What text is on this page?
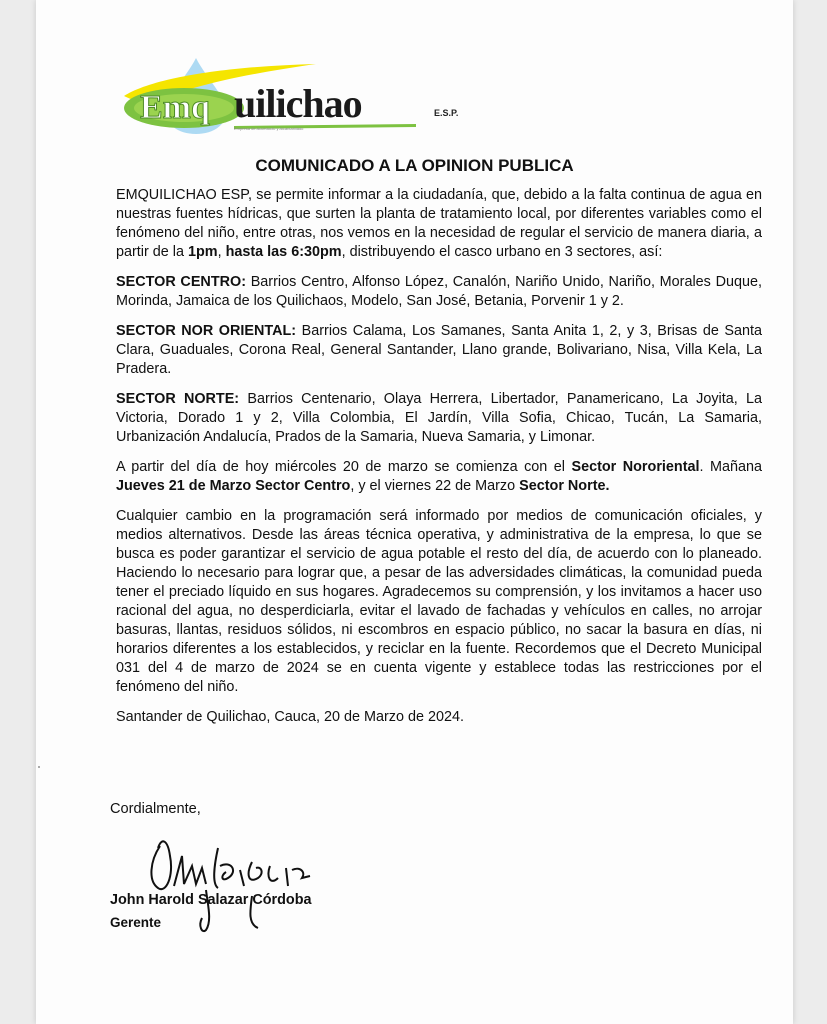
Emq uilichao	E.S.P.
Empresa de Acueducto y Alcantarillado
COMUNICADO A LA OPINION PUBLICA

EMQUILICHAO ESP, se permite informar a la ciudadanía, que, debido a la falta continua de agua en nuestras fuentes hídricas, que surten la planta de tratamiento local, por diferentes variables como el fenómeno del niño, entre otras, nos vemos en la necesidad de regular el servicio de manera diaria, a partir de la 1pm, hasta las 6:30pm, distribuyendo el casco urbano en 3 sectores, así:

SECTOR CENTRO: Barrios Centro, Alfonso López, Canalón, Nariño Unido, Nariño, Morales Duque, Morinda, Jamaica de los Quilichaos, Modelo, San José, Betania, Porvenir 1 y 2.

SECTOR NOR ORIENTAL: Barrios Calama, Los Samanes, Santa Anita 1, 2, y 3, Brisas de Santa Clara, Guaduales, Corona Real, General Santander, Llano grande, Bolivariano, Nisa, Villa Kela, La Pradera.

SECTOR NORTE: Barrios Centenario, Olaya Herrera, Libertador, Panamericano, La Joyita, La Victoria, Dorado 1 y 2, Villa Colombia, El Jardín, Villa Sofia, Chicao, Tucán, La Samaria, Urbanización Andalucía, Prados de la Samaria, Nueva Samaria, y Limonar.

A partir del día de hoy miércoles 20 de marzo se comienza con el Sector Nororiental. Mañana Jueves 21 de Marzo Sector Centro, y el viernes 22 de Marzo Sector Norte.

Cualquier cambio en la programación será informado por medios de comunicación oficiales, y medios alternativos. Desde las áreas técnica operativa, y administrativa de la empresa, lo que se busca es poder garantizar el servicio de agua potable el resto del día, de acuerdo con lo planeado. Haciendo lo necesario para lograr que, a pesar de las adversidades climáticas, la comunidad pueda tener el preciado líquido en sus hogares. Agradecemos su comprensión, y los invitamos a hacer uso racional del agua, no desperdiciarla, evitar el lavado de fachadas y vehículos en calles, no arrojar basuras, llantas, residuos sólidos, ni escombros en espacio público, no sacar la basura en días, ni horarios diferentes a los establecidos, y reciclar en la fuente. Recordemos que el Decreto Municipal 031 del 4 de marzo de 2024 se en cuenta vigente y establece todas las restricciones por el fenómeno del niño.

Santander de Quilichao, Cauca, 20 de Marzo de 2024.

Cordialmente,
John Harold Salazar Córdoba
Gerente
